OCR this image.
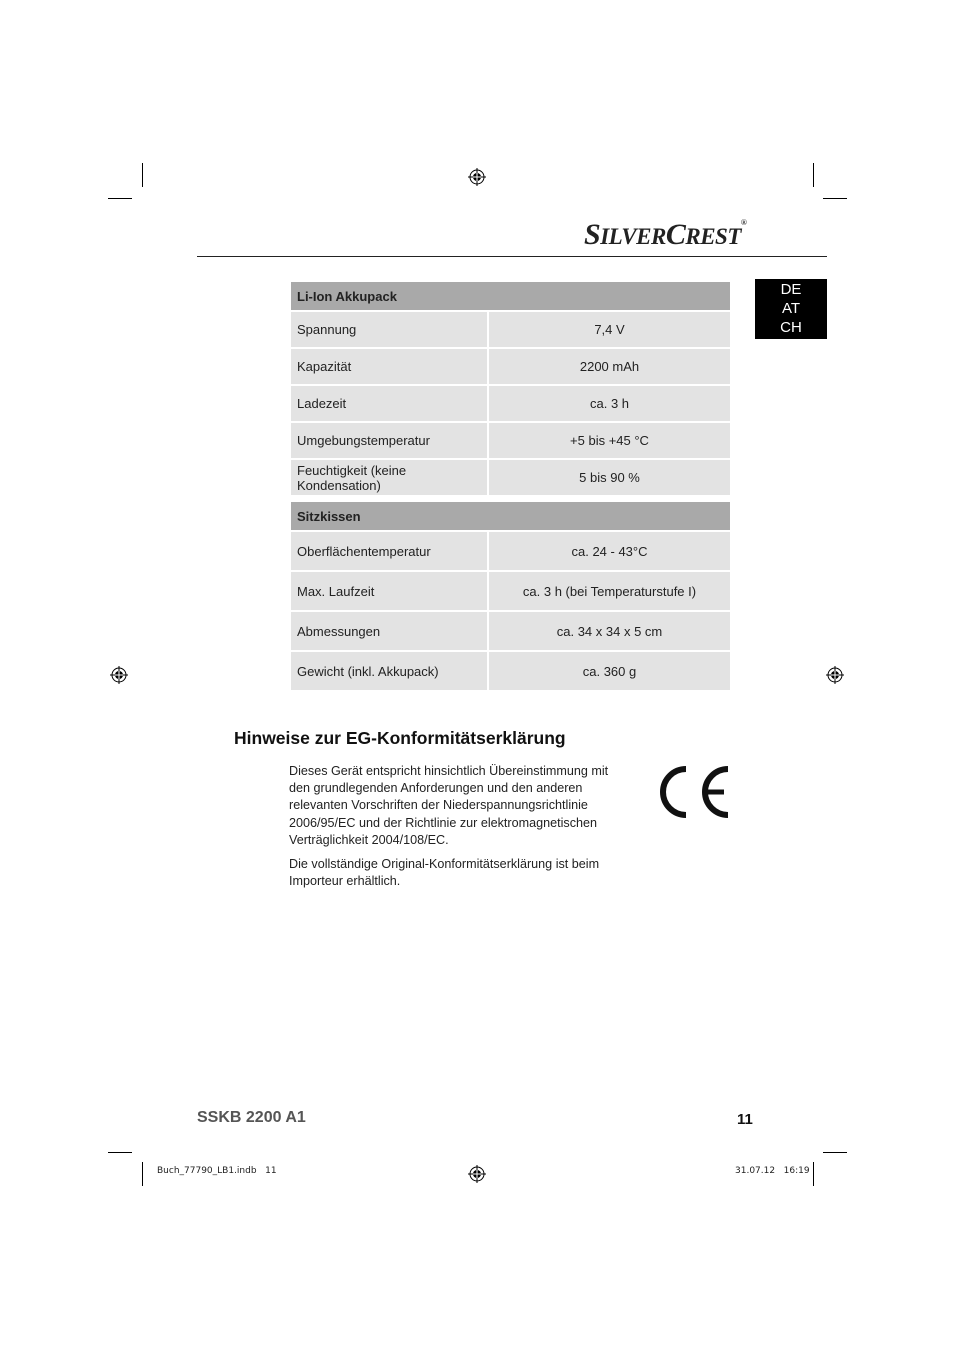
SILVERCREST®
DE
AT
CH
Li-Ion Akkupack	
Spannung	7,4 V
Kapazität	2200 mAh
Ladezeit	ca. 3 h
Umgebungstemperatur	+5 bis +45 °C
Feuchtigkeit (keine Kondensation)	5 bis 90 %
Sitzkissen	
Oberflächentemperatur	ca. 24 - 43°C
Max. Laufzeit	ca. 3 h (bei Temperaturstufe I)
Abmessungen	ca. 34 x 34 x 5 cm
Gewicht (inkl. Akkupack)	ca. 360 g
Hinweise zur EG-Konformitätserklärung

Dieses Gerät entspricht hinsichtlich Übereinstimmung mit den grundlegenden Anforderungen und den anderen relevanten Vorschriften der Niederspannungsrichtlinie 2006/95/EC und der Richtlinie zur elektromagnetischen Verträglichkeit 2004/108/EC.

Die vollständige Original-Konformitätserklärung ist beim Importeur erhältlich.

SSKB 2200 A1	11
Buch_77790_LB1.indb   11	31.07.12   16:19
